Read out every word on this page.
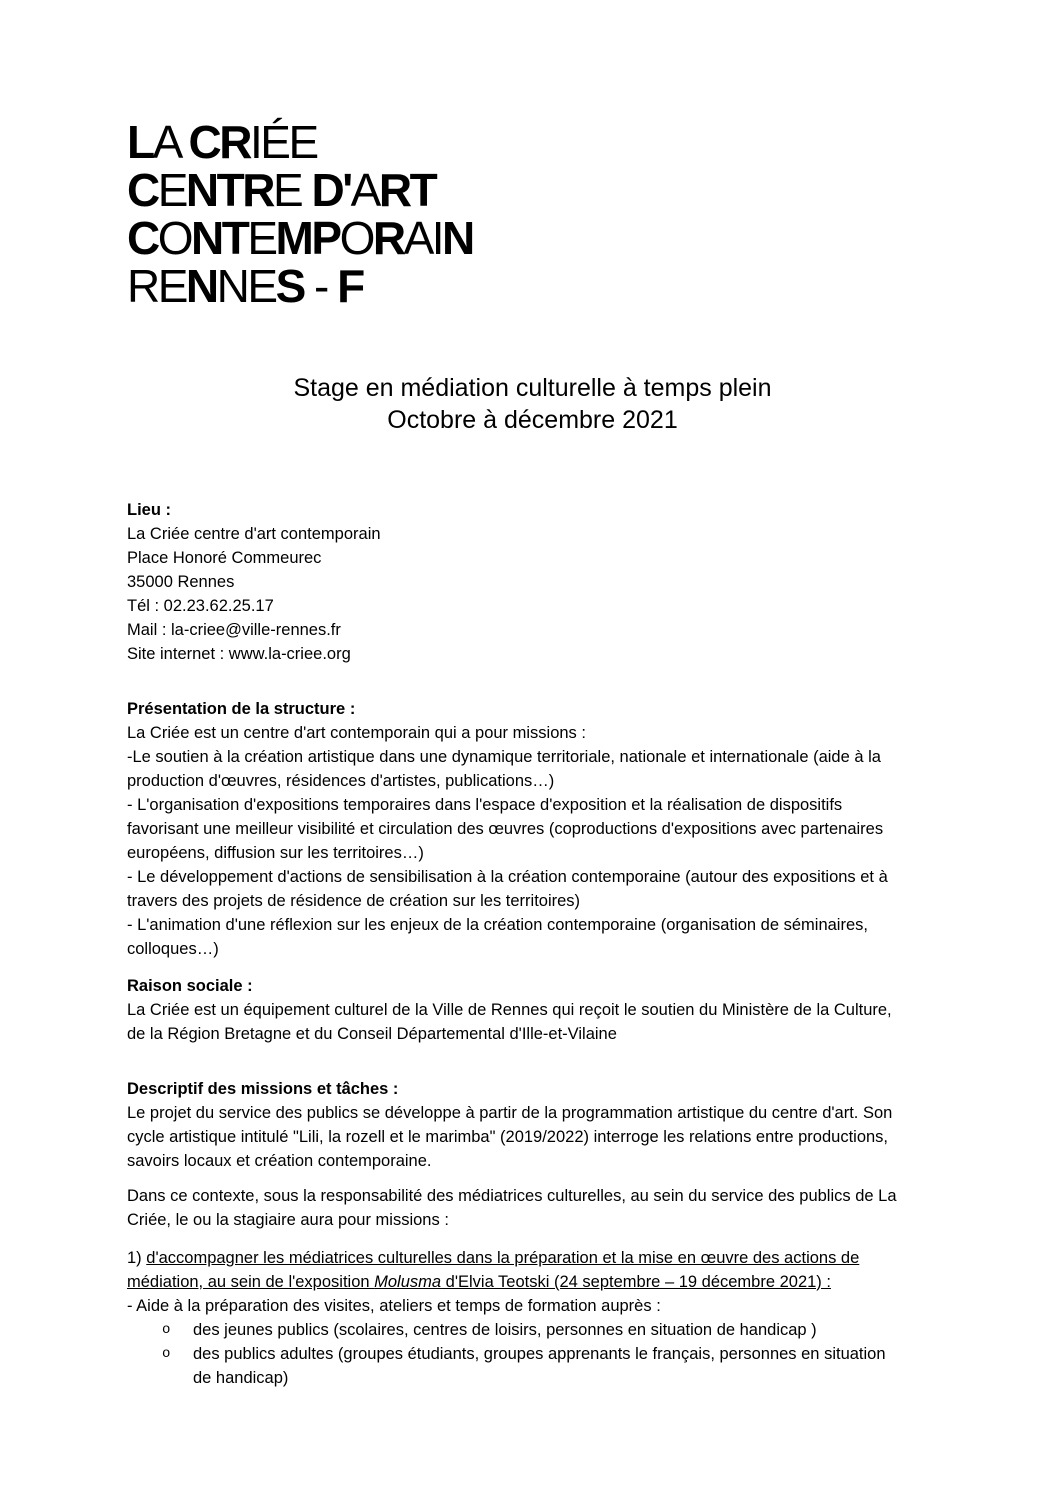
LA CRIÉE
CENTRE D'ART
CONTEMPORAIN
RENNES - F
Stage en médiation culturelle à temps plein
Octobre à décembre 2021
Lieu :
La Criée centre d'art contemporain
Place Honoré Commeurec
35000 Rennes
Tél : 02.23.62.25.17
Mail : la-criee@ville-rennes.fr
Site internet : www.la-criee.org
Présentation de la structure :
La Criée est un centre d'art contemporain qui a pour missions :
-Le soutien à la création artistique dans une dynamique territoriale, nationale et internationale (aide à la
production d'œuvres, résidences d'artistes, publications…)
- L'organisation d'expositions temporaires dans l'espace d'exposition et la réalisation de dispositifs
favorisant une meilleur visibilité et circulation des œuvres (coproductions d'expositions avec partenaires
européens, diffusion sur les territoires…)
- Le développement d'actions de sensibilisation à la création contemporaine (autour des expositions et à
travers des projets de résidence de création sur les territoires)
- L'animation d'une réflexion sur les enjeux de la création contemporaine (organisation de séminaires,
colloques…)
Raison sociale :
La Criée est un équipement culturel de la Ville de Rennes qui reçoit le soutien du Ministère de la Culture,
de la Région Bretagne et du Conseil Départemental d'Ille-et-Vilaine
Descriptif des missions et tâches :
Le projet du service des publics se développe à partir de la programmation artistique du centre d'art. Son
cycle artistique intitulé "Lili, la rozell et le marimba" (2019/2022) interroge les relations entre productions,
savoirs locaux et création contemporaine.
Dans ce contexte, sous la responsabilité des médiatrices culturelles, au sein du service des publics de La
Criée, le ou la stagiaire aura pour missions :
1) d'accompagner les médiatrices culturelles dans la préparation et la mise en œuvre des actions de
médiation, au sein de l'exposition Molusma d'Elvia Teotski (24 septembre – 19 décembre 2021) :
- Aide à la préparation des visites, ateliers et temps de formation auprès :
o	des jeunes publics (scolaires, centres de loisirs, personnes en situation de handicap )
o	des publics adultes (groupes étudiants, groupes apprenants le français, personnes en situation
de handicap)
